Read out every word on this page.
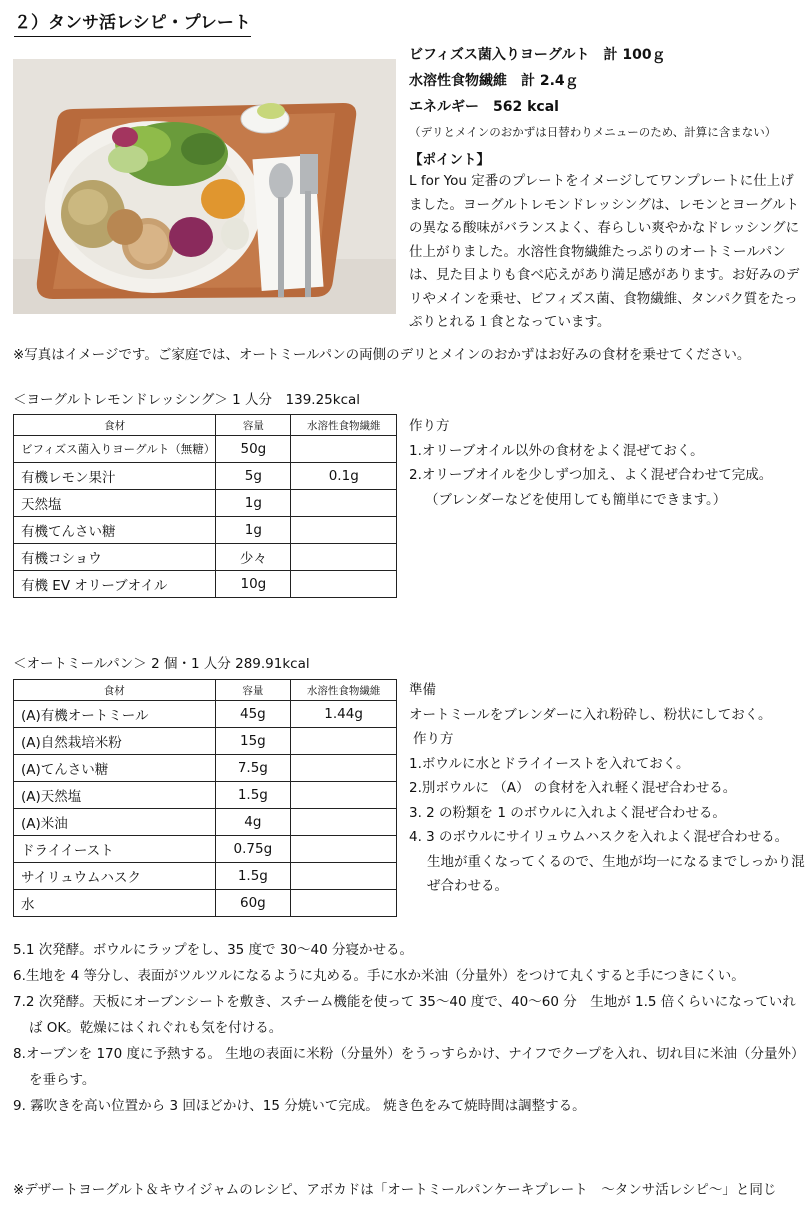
２）タンサ活レシピ・プレート
ビフィズス菌入りヨーグルト　計 100ｇ
水溶性食物繊維　計 2.4ｇ
エネルギー　562 kcal
（デリとメインのおかずは日替わりメニューのため、計算に含まない）
【ポイント】
L for You 定番のプレートをイメージしてワンプレートに仕上げました。ヨーグルトレモンドレッシングは、レモンとヨーグルトの異なる酸味がバランスよく、春らしい爽やかなドレッシングに仕上がりました。水溶性食物繊維たっぷりのオートミールパンは、見た目よりも食べ応えがあり満足感があります。お好みのデリやメインを乗せ、ビフィズス菌、食物繊維、タンパク質をたっぷりとれる１食となっています。
※写真はイメージです。ご家庭では、オートミールパンの両側のデリとメインのおかずはお好みの食材を乗せてください。
＜ヨーグルトレモンドレッシング＞ 1 人分　139.25kcal
食材	容量	水溶性食物繊維
ビフィズス菌入りヨーグルト（無糖）	50g	
有機レモン果汁	5g	0.1g
天然塩	1g	
有機てんさい糖	1g	
有機コショウ	少々	
有機 EV オリーブオイル	10g	
作り方
1.オリーブオイル以外の食材をよく混ぜておく。
2.オリーブオイルを少しずつ加え、よく混ぜ合わせて完成。
（ブレンダーなどを使用しても簡単にできます。）
＜オートミールパン＞ 2 個・1 人分 289.91kcal
食材	容量	水溶性食物繊維
(A)有機オートミール	45g	1.44g
(A)自然栽培米粉	15g	
(A)てんさい糖	7.5g	
(A)天然塩	1.5g	
(A)米油	4g	
ドライイースト	0.75g	
サイリュウムハスク	1.5g	
水	60g	
準備
オートミールをブレンダーに入れ粉砕し、粉状にしておく。
作り方
1.ボウルに水とドライイーストを入れておく。
2.別ボウルに （A） の食材を入れ軽く混ぜ合わせる。
3. 2 の粉類を 1 のボウルに入れよく混ぜ合わせる。
4. 3 のボウルにサイリュウムハスクを入れよく混ぜ合わせる。
生地が重くなってくるので、生地が均一になるまでしっかり混ぜ合わせる。
5.1 次発酵。ボウルにラップをし、35 度で 30～40 分寝かせる。
6.生地を 4 等分し、表面がツルツルになるように丸める。手に水か米油（分量外）をつけて丸くすると手につきにくい。
7.2 次発酵。天板にオーブンシートを敷き、スチーム機能を使って 35～40 度で、40～60 分　生地が 1.5 倍くらいになっていれば OK。乾燥にはくれぐれも気を付ける。
8.オーブンを 170 度に予熱する。 生地の表面に米粉（分量外）をうっすらかけ、ナイフでクープを入れ、切れ目に米油（分量外）を垂らす。
9. 霧吹きを高い位置から 3 回ほどかけ、15 分焼いて完成。 焼き色をみて焼時間は調整する。
※デザートヨーグルト＆キウイジャムのレシピ、アボカドは「オートミールパンケーキプレート　～タンサ活レシピ～」と同じ
